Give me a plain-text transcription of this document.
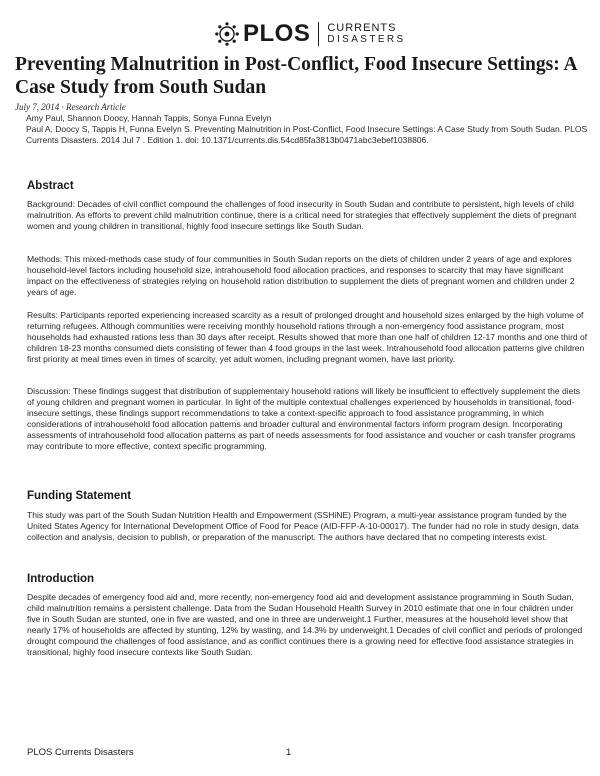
PLOS CURRENTS
DISASTERS
Preventing Malnutrition in Post-Conflict, Food Insecure Settings: A Case Study from South Sudan
July 7, 2014 · Research Article
Amy Paul, Shannon Doocy, Hannah Tappis, Sonya Funna Evelyn
Paul A, Doocy S, Tappis H, Funna Evelyn S. Preventing Malnutrition in Post-Conflict, Food Insecure Settings: A Case Study from South Sudan. PLOS Currents Disasters. 2014 Jul 7 . Edition 1. doi: 10.1371/currents.dis.54cd85fa3813b0471abc3ebef1038806.
Abstract

Background: Decades of civil conflict compound the challenges of food insecurity in South Sudan and contribute to persistent, high levels of child malnutrition. As efforts to prevent child malnutrition continue, there is a critical need for strategies that effectively supplement the diets of pregnant women and young children in transitional, highly food insecure settings like South Sudan.

Methods: This mixed-methods case study of four communities in South Sudan reports on the diets of children under 2 years of age and explores household-level factors including household size, intrahousehold food allocation practices, and responses to scarcity that may have significant impact on the effectiveness of strategies relying on household ration distribution to supplement the diets of pregnant women and children under 2 years of age.

Results: Participants reported experiencing increased scarcity as a result of prolonged drought and household sizes enlarged by the high volume of returning refugees. Although communities were receiving monthly household rations through a non-emergency food assistance program, most households had exhausted rations less than 30 days after receipt. Results showed that more than one half of children 12-17 months and one third of children 18-23 months consumed diets consisting of fewer than 4 food groups in the last week. Intrahousehold food allocation patterns give children first priority at meal times even in times of scarcity, yet adult women, including pregnant women, have last priority.

Discussion: These findings suggest that distribution of supplementary household rations will likely be insufficient to effectively supplement the diets of young children and pregnant women in particular. In light of the multiple contextual challenges experienced by households in transitional, food-insecure settings, these findings support recommendations to take a context-specific approach to food assistance programming, in which considerations of intrahousehold food allocation patterns and broader cultural and environmental factors inform program design. Incorporating assessments of intrahousehold food allocation patterns as part of needs assessments for food assistance and voucher or cash transfer programs may contribute to more effective, context specific programming.

Funding Statement

This study was part of the South Sudan Nutrition Health and Empowerment (SSHiNE) Program, a multi-year assistance program funded by the United States Agency for International Development Office of Food for Peace (AID-FFP-A-10-00017). The funder had no role in study design, data collection and analysis, decision to publish, or preparation of the manuscript. The authors have declared that no competing interests exist.

Introduction

Despite decades of emergency food aid and, more recently, non-emergency food aid and development assistance programming in South Sudan, child malnutrition remains a persistent challenge. Data from the Sudan Household Health Survey in 2010 estimate that one in four children under five in South Sudan are stunted, one in five are wasted, and one in three are underweight.1 Further, measures at the household level show that nearly 17% of households are affected by stunting, 12% by wasting, and 14.3% by underweight.1 Decades of civil conflict and periods of prolonged drought compound the challenges of food assistance, and as conflict continues there is a growing need for effective food assistance strategies in transitional, highly food insecure contexts like South Sudan.

PLOS Currents Disasters	1
